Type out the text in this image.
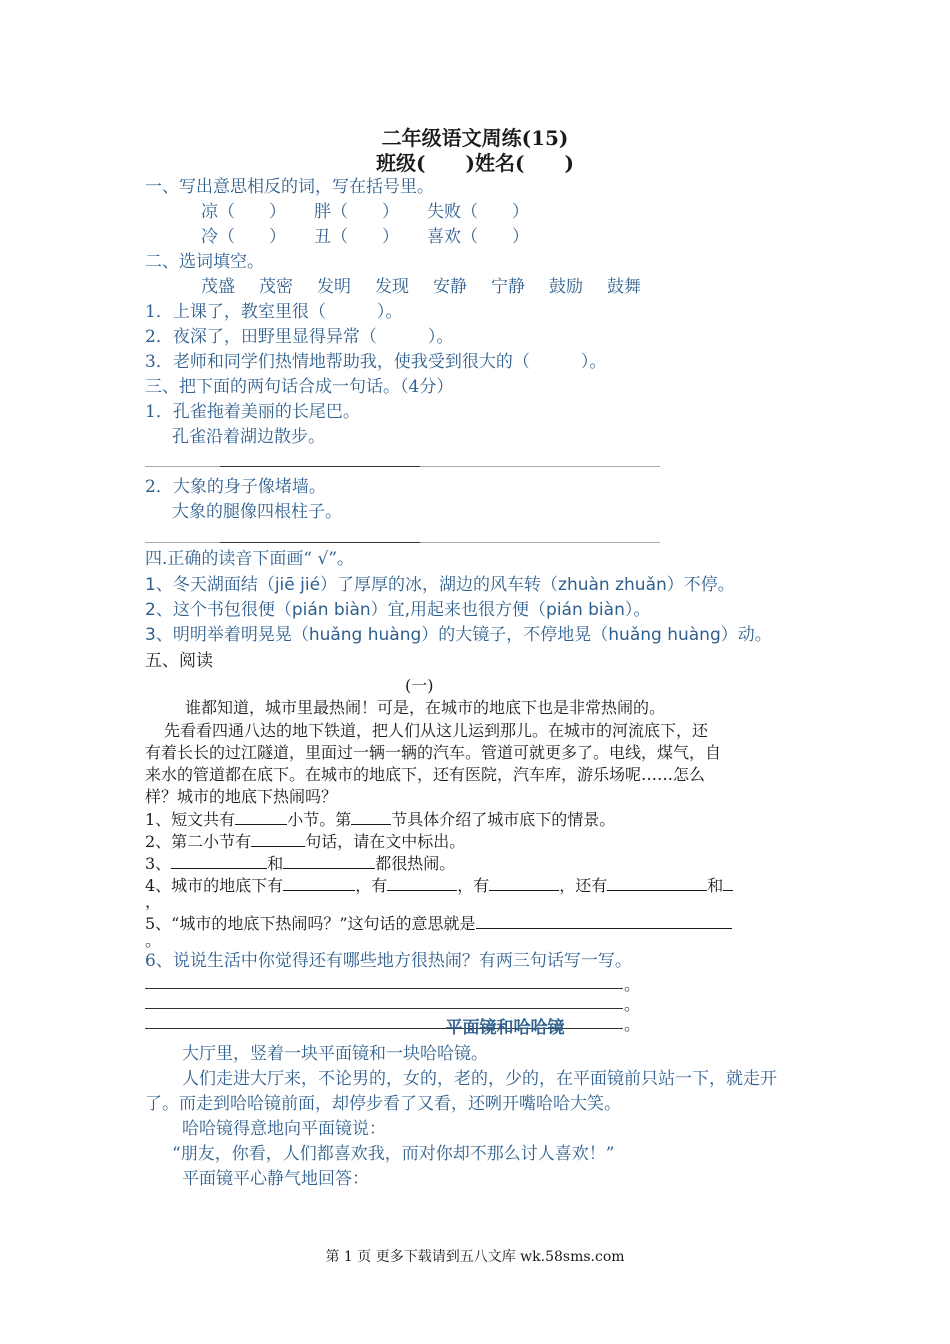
二年级语文周练(15)
班级(　　)姓名(　　)
一、写出意思相反的词，写在括号里。
凉（　　） 胖（　　） 失败（　　）
冷（　　） 丑（　　） 喜欢（　　）
二、选词填空。
茂盛 茂密 发明 发现 安静 宁静 鼓励 鼓舞
1．上课了，教室里很（　　　）。
2．夜深了，田野里显得异常（　　　）。
3．老师和同学们热情地帮助我，使我受到很大的（　　　）。
三、把下面的两句话合成一句话。（4分）
1．孔雀拖着美丽的长尾巴。
孔雀沿着湖边散步。
2．大象的身子像堵墙。
大象的腿像四根柱子。
四.正确的读音下面画“ √”。
1、冬天湖面结（jiē jié）了厚厚的冰，湖边的风车转（zhuàn zhuǎn）不停。
2、这个书包很便（pián biàn）宜,用起来也很方便（pián biàn）。
3、明明举着明晃晃（huǎng huàng）的大镜子，不停地晃（huǎng huàng）动。
五、阅读
(一)
谁都知道，城市里最热闹！可是，在城市的地底下也是非常热闹的。
先看看四通八达的地下铁道，把人们从这儿运到那儿。在城市的河流底下，还
有着长长的过江隧道，里面过一辆一辆的汽车。管道可就更多了。电线，煤气，自
来水的管道都在底下。在城市的地底下，还有医院，汽车库，游乐场呢……怎么
样？城市的地底下热闹吗？
1、短文共有	小节。第	节具体介绍了城市底下的情景。
2、第二小节有	句话，请在文中标出。
3、	和	都很热闹。
4、城市的地底下有	，有	，有	，还有	和
，
5、“城市的地底下热闹吗？”这句话的意思就是
。
6、说说生活中你觉得还有哪些地方很热闹？有两三句话写一写。
。
。
。
平面镜和哈哈镜
大厅里，竖着一块平面镜和一块哈哈镜。
人们走进大厅来，不论男的，女的，老的，少的，在平面镜前只站一下，就走开
了。而走到哈哈镜前面，却停步看了又看，还咧开嘴哈哈大笑。
哈哈镜得意地向平面镜说：
“朋友，你看，人们都喜欢我，而对你却不那么讨人喜欢！”
平面镜平心静气地回答：
第 1 页 更多下载请到五八文库 wk.58sms.com
